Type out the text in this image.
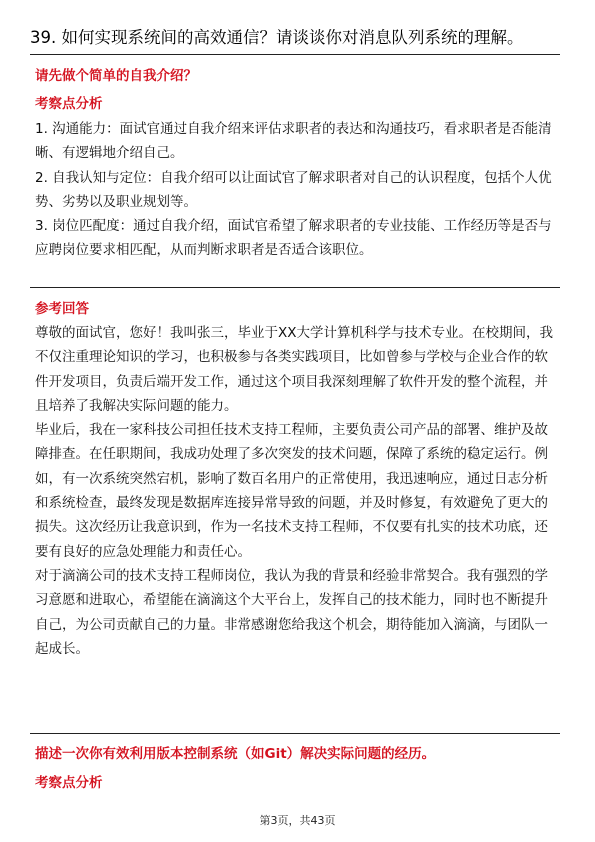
39. 如何实现系统间的高效通信？请谈谈你对消息队列系统的理解。
请先做个简单的自我介绍？
考察点分析

1. 沟通能力：面试官通过自我介绍来评估求职者的表达和沟通技巧，看求职者是否能清晰、有逻辑地介绍自己。

2. 自我认知与定位：自我介绍可以让面试官了解求职者对自己的认识程度，包括个人优势、劣势以及职业规划等。

3. 岗位匹配度：通过自我介绍，面试官希望了解求职者的专业技能、工作经历等是否与应聘岗位要求相匹配，从而判断求职者是否适合该职位。

参考回答

尊敬的面试官，您好！我叫张三，毕业于XX大学计算机科学与技术专业。在校期间，我不仅注重理论知识的学习，也积极参与各类实践项目，比如曾参与学校与企业合作的软件开发项目，负责后端开发工作，通过这个项目我深刻理解了软件开发的整个流程，并且培养了我解决实际问题的能力。

毕业后，我在一家科技公司担任技术支持工程师，主要负责公司产品的部署、维护及故障排查。在任职期间，我成功处理了多次突发的技术问题，保障了系统的稳定运行。例如，有一次系统突然宕机，影响了数百名用户的正常使用，我迅速响应，通过日志分析和系统检查，最终发现是数据库连接异常导致的问题，并及时修复，有效避免了更大的损失。这次经历让我意识到，作为一名技术支持工程师，不仅要有扎实的技术功底，还要有良好的应急处理能力和责任心。

对于滴滴公司的技术支持工程师岗位，我认为我的背景和经验非常契合。我有强烈的学习意愿和进取心，希望能在滴滴这个大平台上，发挥自己的技术能力，同时也不断提升自己，为公司贡献自己的力量。非常感谢您给我这个机会，期待能加入滴滴，与团队一起成长。

描述一次你有效利用版本控制系统（如Git）解决实际问题的经历。
考察点分析
第3页，共43页
